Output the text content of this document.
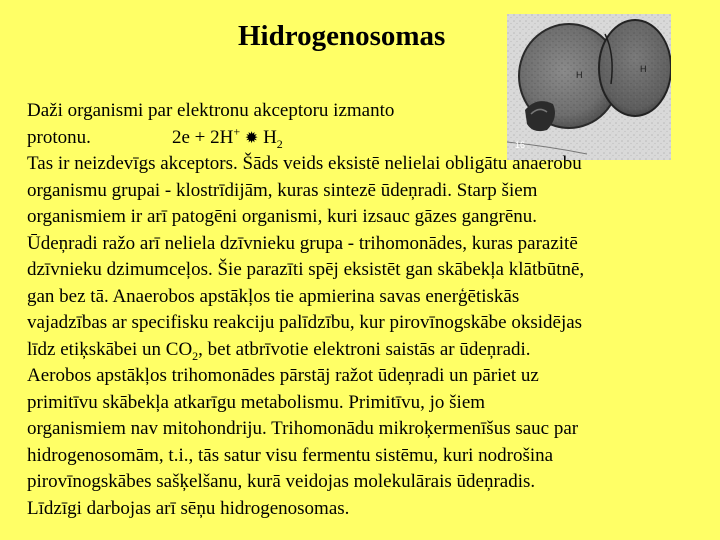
Hidrogenosomas
H
H
16
Daži organismi par elektronu akceptoru izmanto
protonu.	2e + 2H+ ✹ $H_2$
Tas ir neizdevīgs akceptors. Šāds veids eksistē nelielai obligātu anaerobu
organismu grupai - klostrīdijām, kuras sintezē ūdeņradi. Starp šiem
organismiem ir arī patogēni organismi, kuri izsauc gāzes gangrēnu.
Ūdeņradi ražo arī neliela dzīvnieku grupa - trihomonādes, kuras parazitē
dzīvnieku dzimumceļos. Šie parazīti spēj eksistēt gan skābekļa klātbūtnē,
gan bez tā. Anaerobos apstākļos tie apmierina savas enerģētiskās
vajadzības ar specifisku reakciju palīdzību, kur pirovīnogskābe oksidējas
līdz etiķskābei un $CO_2$, bet atbrīvotie elektroni saistās ar ūdeņradi.
Aerobos apstākļos trihomonādes pārstāj ražot ūdeņradi un pāriet uz
primitīvu skābekļa atkarīgu metabolismu. Primitīvu, jo šiem
organismiem nav mitohondriju. Trihomonādu mikroķermenīšus sauc par
hidrogenosomām, t.i., tās satur visu fermentu sistēmu, kuri nodrošina
pirovīnogskābes sašķelšanu, kurā veidojas molekulārais ūdeņradis.
Līdzīgi darbojas arī sēņu hidrogenosomas.
